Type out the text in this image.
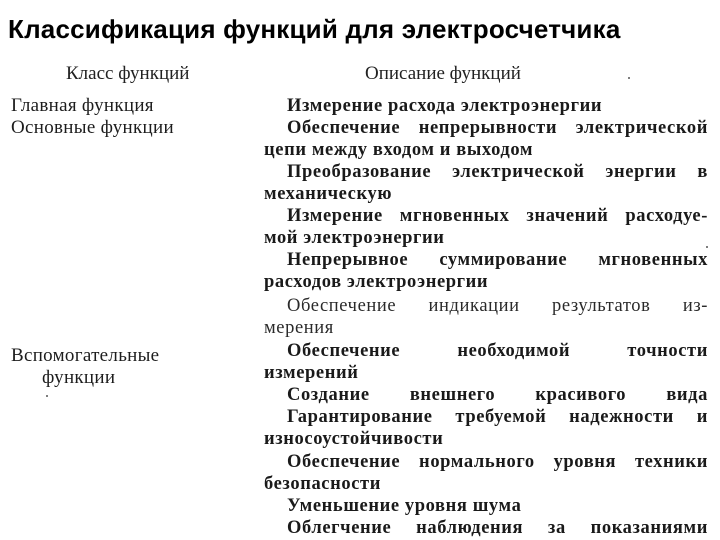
Классификация функций для электросчетчика
Класс функций	Описание функций
Главная функция
Основные функции
Вспомогательные
функции
Измерение расхода электроэнергии
Обеспечение непрерывности электрической
цепи между входом и выходом
Преобразование электрической энергии в
механическую
Измерение мгновенных значений расходуе-
мой электроэнергии
Непрерывное суммирование мгновенных
расходов электроэнергии
Обеспечение индикации результатов из-
мерения
Обеспечение необходимой точности
измерений
Создание внешнего красивого вида
Гарантирование требуемой надежности и
износоустойчивости
Обеспечение нормального уровня техники
безопасности
Уменьшение уровня шума
Облегчение наблюдения за показаниями
